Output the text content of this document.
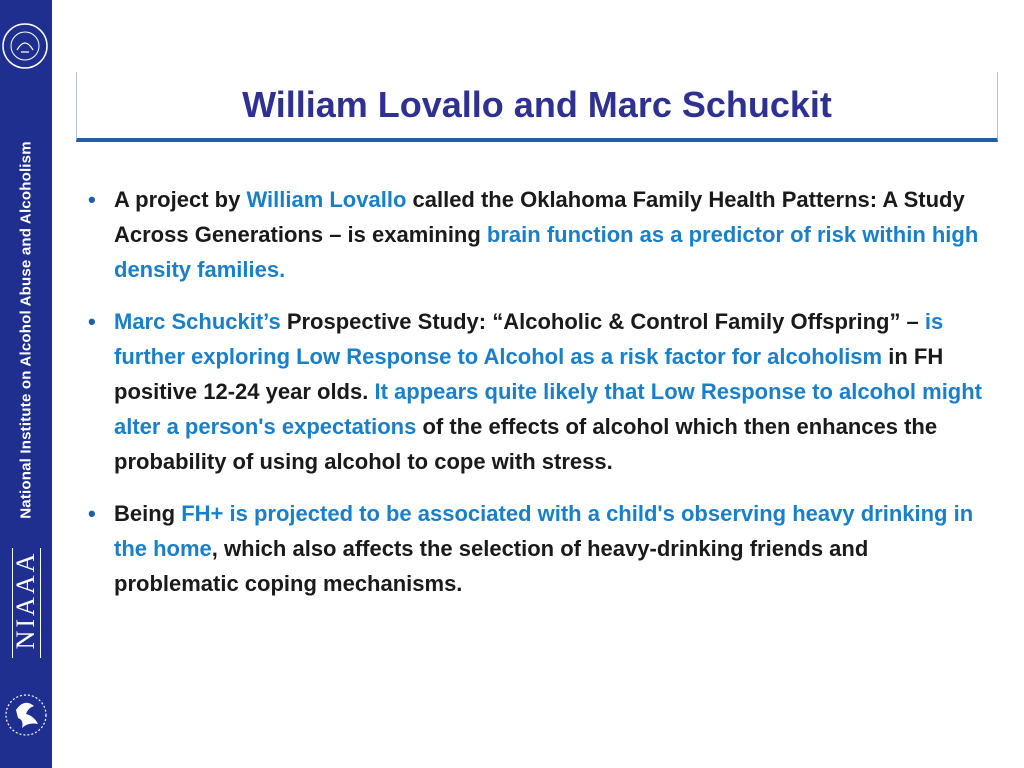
National Institute on Alcohol Abuse and Alcoholism
NIAAA
William Lovallo and Marc Schuckit
• A project by William Lovallo called the Oklahoma Family Health Patterns: A Study Across Generations – is examining brain function as a predictor of risk within high density families.
• Marc Schuckit’s Prospective Study: “Alcoholic & Control Family Offspring” – is further exploring Low Response to Alcohol as a risk factor for alcoholism in FH positive 12-24 year olds. It appears quite likely that Low Response to alcohol might alter a person's expectations of the effects of alcohol which then enhances the probability of using alcohol to cope with stress.
• Being FH+ is projected to be associated with a child's observing heavy drinking in the home, which also affects the selection of heavy-drinking friends and problematic coping mechanisms.
